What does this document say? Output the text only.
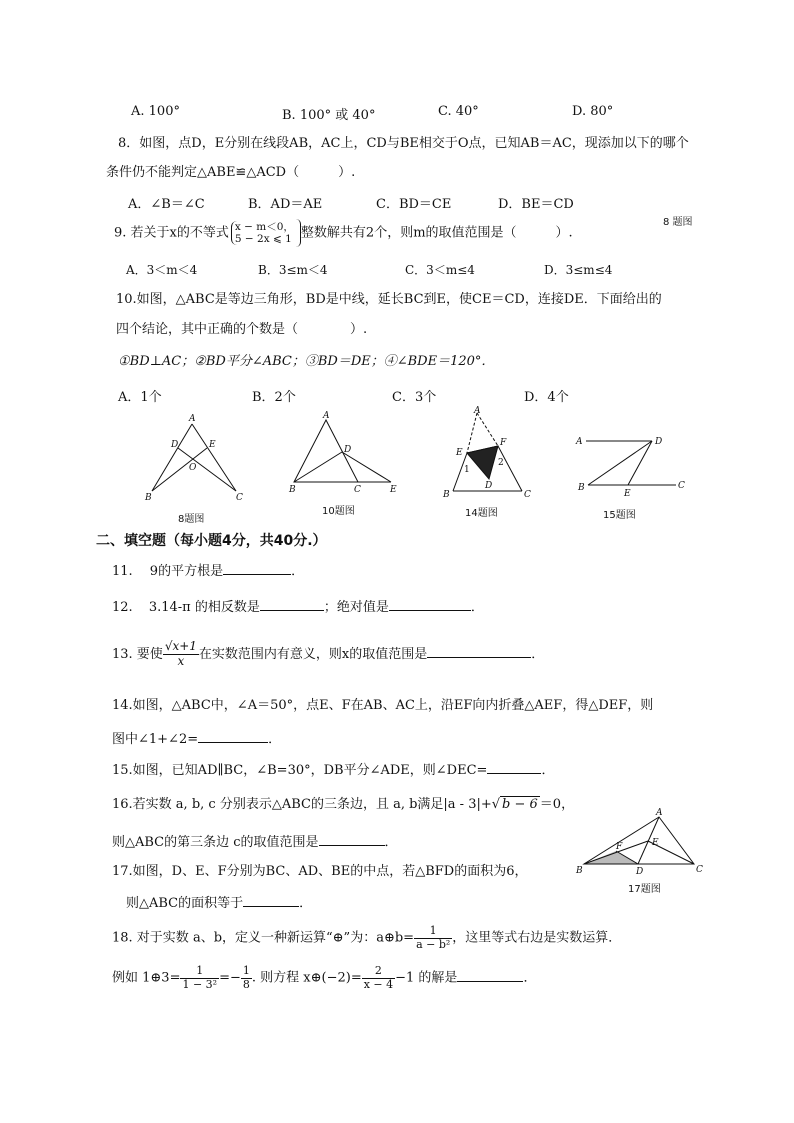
A. 100°	B. 100° 或 40°	C. 40°	D. 80°
8．如图，点D，E分别在线段AB，AC上，CD与BE相交于O点，已知AB＝AC，现添加以下的哪个
条件仍不能判定△ABE≌△ACD（　　　）.
A．∠B＝∠C	B．AD＝AE	C．BD＝CE	D．BE＝CD
9. 若关于x的不等式 x − m＜0，
5 − 2x ⩽ 1 整数解共有2个，则m的取值范围是（　　　）.
8 题图
A．3＜m＜4	B．3≤m＜4	C．3＜m≤4	D．3≤m≤4
10.如图，△ABC是等边三角形，BD是中线，延长BC到E，使CE＝CD，连接DE．下面给出的
四个结论，其中正确的个数是（　　　　）.
①BD⊥AC；②BD平分∠ABC；③BD＝DE；④∠BDE＝120°．
A．1个	B．2个	C．3个	D．4个
A
D	E
O
B	C
8题图
A
D
B	C	E
10题图
A
E
F
1
2
D
B	C
14题图
A	D
B
E
C
15题图
二、填空题（每小题4分，共40分.）
11.　 9的平方根是	．
12. 3.14-π 的相反数是	；绝对值是	．
13. 要使 $\frac{√x+1}{x}$ 在实数范围内有意义，则x的取值范围是	．
14.如图，△ABC中，∠A＝50°，点E、F在AB、AC上，沿EF向内折叠△AEF，得△DEF，则
图中∠1+∠2=	．
15.如图，已知AD∥BC，∠B=30°，DB平分∠ADE，则∠DEC=	．
16.若实数 a, b, c 分别表示△ABC的三条边，且 a, b满足|a - 3|+√ b − 6 ＝0，
则△ABC的第三条边 c的取值范围是	．
A
F	E
B	D	C
17题图
17.如图，D、E、F分别为BC、AD、BE的中点，若△BFD的面积为6，
则△ABC的面积等于	．
18. 对于实数 a、b，定义一种新运算“⊕”为：a⊕b= $\frac{1}{\text{a − b²}}$ ，这里等式右边是实数运算．
例如 1⊕3= $\frac{1}{\text{1 − 3²}} =- \frac{1}{8}$ . 则方程 x⊕(−2)= $\frac{2}{x - 4} -1$ 的解是	．
